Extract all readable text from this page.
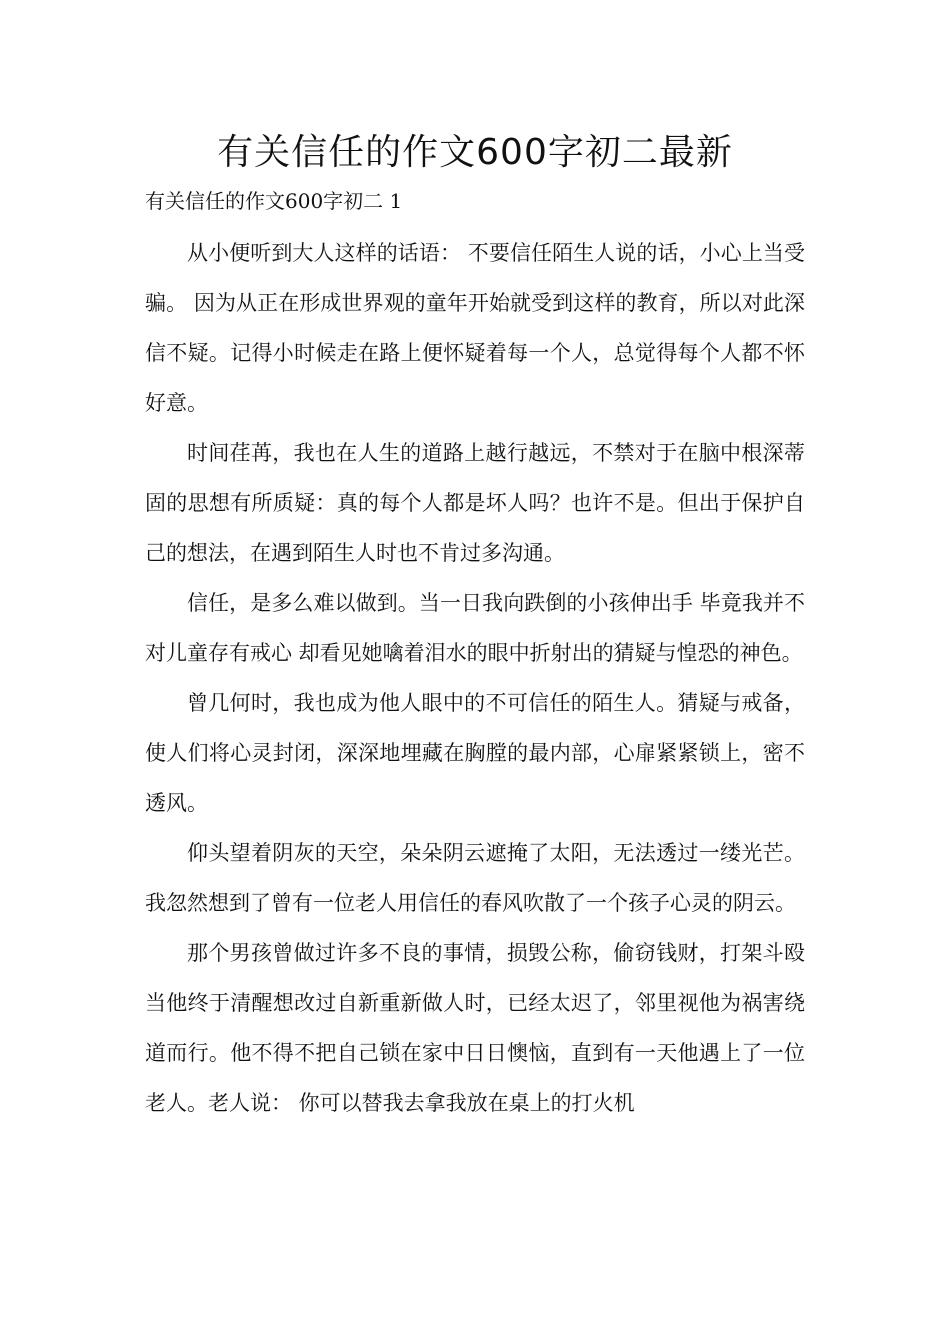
有关信任的作文600字初二最新

有关信任的作文600字初二 1

从小便听到大人这样的话语： 不要信任陌生人说的话，小心上当受骗。 因为从正在形成世界观的童年开始就受到这样的教育，所以对此深信不疑。记得小时候走在路上便怀疑着每一个人，总觉得每个人都不怀好意。

时间荏苒，我也在人生的道路上越行越远，不禁对于在脑中根深蒂固的思想有所质疑：真的每个人都是坏人吗？也许不是。但出于保护自己的想法，在遇到陌生人时也不肯过多沟通。

信任，是多么难以做到。当一日我向跌倒的小孩伸出手 毕竟我并不对儿童存有戒心 却看见她噙着泪水的眼中折射出的猜疑与惶恐的神色。

曾几何时，我也成为他人眼中的不可信任的陌生人。猜疑与戒备，使人们将心灵封闭，深深地埋藏在胸膛的最内部，心扉紧紧锁上，密不透风。

仰头望着阴灰的天空，朵朵阴云遮掩了太阳，无法透过一缕光芒。我忽然想到了曾有一位老人用信任的春风吹散了一个孩子心灵的阴云。

那个男孩曾做过许多不良的事情，损毁公称，偷窃钱财，打架斗殴 当他终于清醒想改过自新重新做人时，已经太迟了，邻里视他为祸害绕道而行。他不得不把自己锁在家中日日懊恼，直到有一天他遇上了一位老人。老人说： 你可以替我去拿我放在桌上的打火机
